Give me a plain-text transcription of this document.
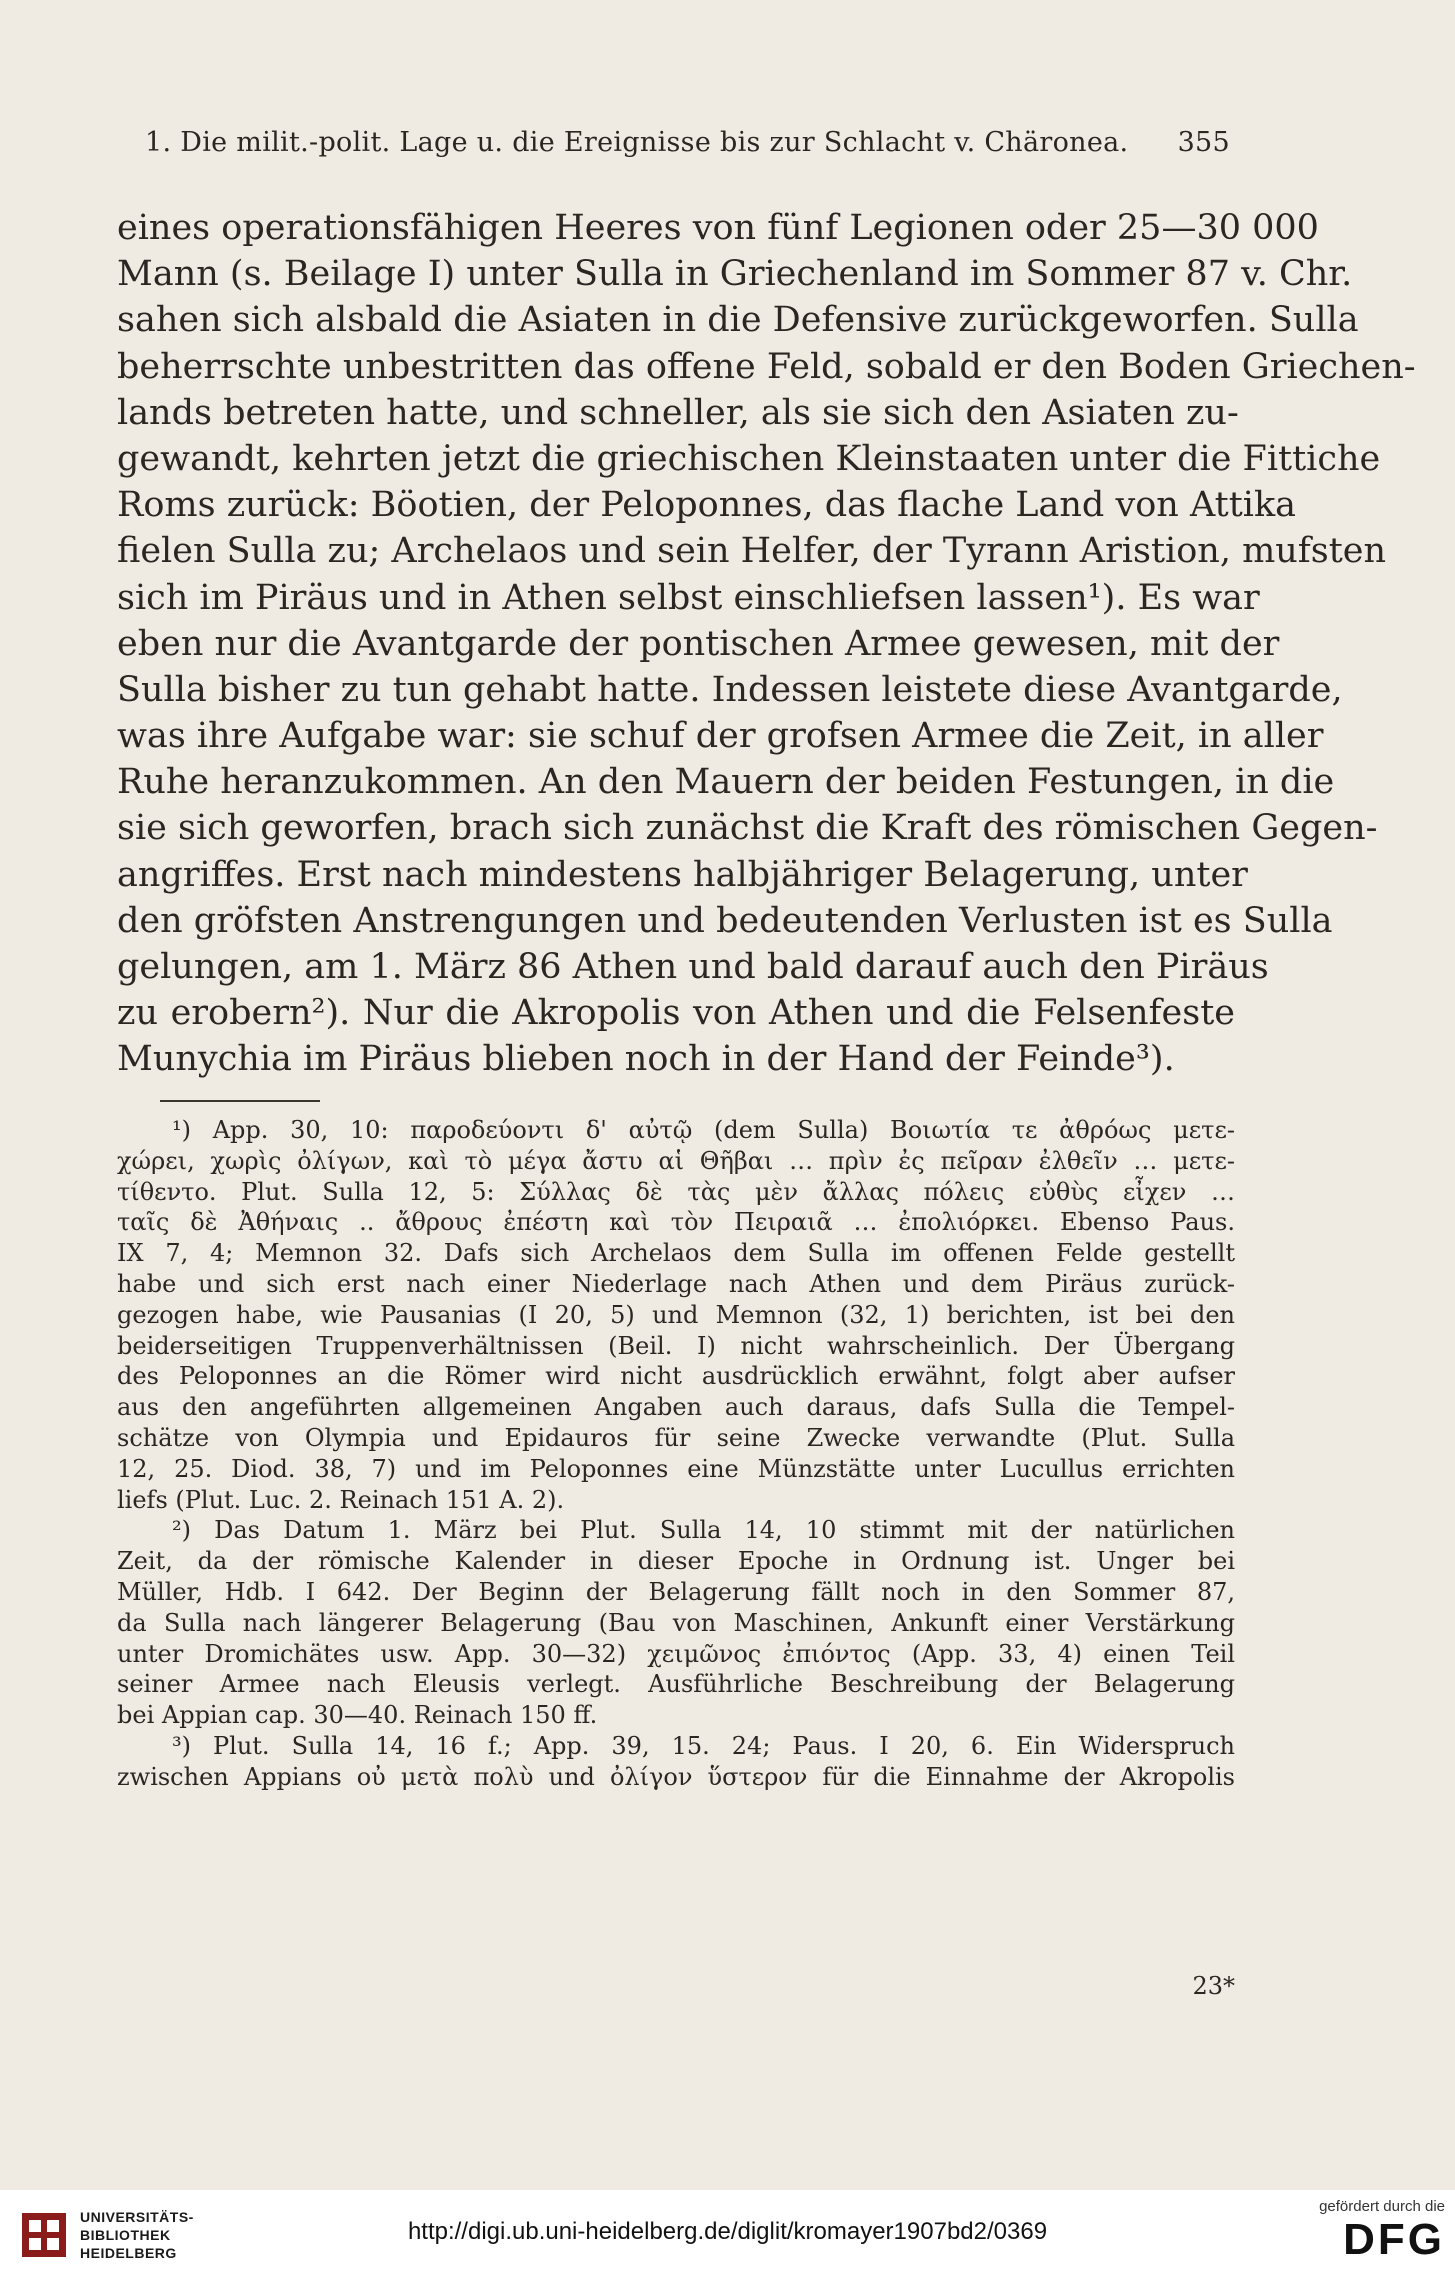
1. Die milit.-polit. Lage u. die Ereignisse bis zur Schlacht v. Chäronea. 355
eines operationsfähigen Heeres von fünf Legionen oder 25—30 000
Mann (s. Beilage I) unter Sulla in Griechenland im Sommer 87 v. Chr.
sahen sich alsbald die Asiaten in die Defensive zurückgeworfen. Sulla
beherrschte unbestritten das offene Feld, sobald er den Boden Griechen-
lands betreten hatte, und schneller, als sie sich den Asiaten zu-
gewandt, kehrten jetzt die griechischen Kleinstaaten unter die Fittiche
Roms zurück: Böotien, der Peloponnes, das flache Land von Attika
fielen Sulla zu; Archelaos und sein Helfer, der Tyrann Aristion, mufsten
sich im Piräus und in Athen selbst einschliefsen lassen¹). Es war
eben nur die Avantgarde der pontischen Armee gewesen, mit der
Sulla bisher zu tun gehabt hatte. Indessen leistete diese Avantgarde,
was ihre Aufgabe war: sie schuf der grofsen Armee die Zeit, in aller
Ruhe heranzukommen. An den Mauern der beiden Festungen, in die
sie sich geworfen, brach sich zunächst die Kraft des römischen Gegen-
angriffes. Erst nach mindestens halbjähriger Belagerung, unter
den gröfsten Anstrengungen und bedeutenden Verlusten ist es Sulla
gelungen, am 1. März 86 Athen und bald darauf auch den Piräus
zu erobern²). Nur die Akropolis von Athen und die Felsenfeste
Munychia im Piräus blieben noch in der Hand der Feinde³).
¹) App. 30, 10: παροδεύοντι δ' αὐτῷ (dem Sulla) Βοιωτία τε ἀθρόως μετε-
χώρει, χωρὶς ὀλίγων, καὶ τὸ μέγα ἄστυ αἱ Θῆβαι … πρὶν ἐς πεῖραν ἐλθεῖν … μετε-
τίθεντο. Plut. Sulla 12, 5: Σύλλας δὲ τὰς μὲν ἄλλας πόλεις εὐθὺς εἶχεν …
ταῖς δὲ Ἀθήναις .. ἄθρους ἐπέστη καὶ τὸν Πειραιᾶ … ἐπολιόρκει. Ebenso Paus.
IX 7, 4; Memnon 32. Dafs sich Archelaos dem Sulla im offenen Felde gestellt
habe und sich erst nach einer Niederlage nach Athen und dem Piräus zurück-
gezogen habe, wie Pausanias (I 20, 5) und Memnon (32, 1) berichten, ist bei den
beiderseitigen Truppenverhältnissen (Beil. I) nicht wahrscheinlich. Der Übergang
des Peloponnes an die Römer wird nicht ausdrücklich erwähnt, folgt aber aufser
aus den angeführten allgemeinen Angaben auch daraus, dafs Sulla die Tempel-
schätze von Olympia und Epidauros für seine Zwecke verwandte (Plut. Sulla
12, 25. Diod. 38, 7) und im Peloponnes eine Münzstätte unter Lucullus errichten
liefs (Plut. Luc. 2. Reinach 151 A. 2).
²) Das Datum 1. März bei Plut. Sulla 14, 10 stimmt mit der natürlichen
Zeit, da der römische Kalender in dieser Epoche in Ordnung ist. Unger bei
Müller, Hdb. I 642. Der Beginn der Belagerung fällt noch in den Sommer 87,
da Sulla nach längerer Belagerung (Bau von Maschinen, Ankunft einer Verstärkung
unter Dromichätes usw. App. 30—32) χειμῶνος ἐπιόντος (App. 33, 4) einen Teil
seiner Armee nach Eleusis verlegt. Ausführliche Beschreibung der Belagerung
bei Appian cap. 30—40. Reinach 150 ff.
³) Plut. Sulla 14, 16 f.; App. 39, 15. 24; Paus. I 20, 6. Ein Widerspruch
zwischen Appians οὐ μετὰ πολὺ und ὀλίγον ὕστερον für die Einnahme der Akropolis
23*
UNIVERSITÄTS-
BIBLIOTHEK
HEIDELBERG
http://digi.ub.uni-heidelberg.de/diglit/kromayer1907bd2/0369
gefördert durch die
DFG
